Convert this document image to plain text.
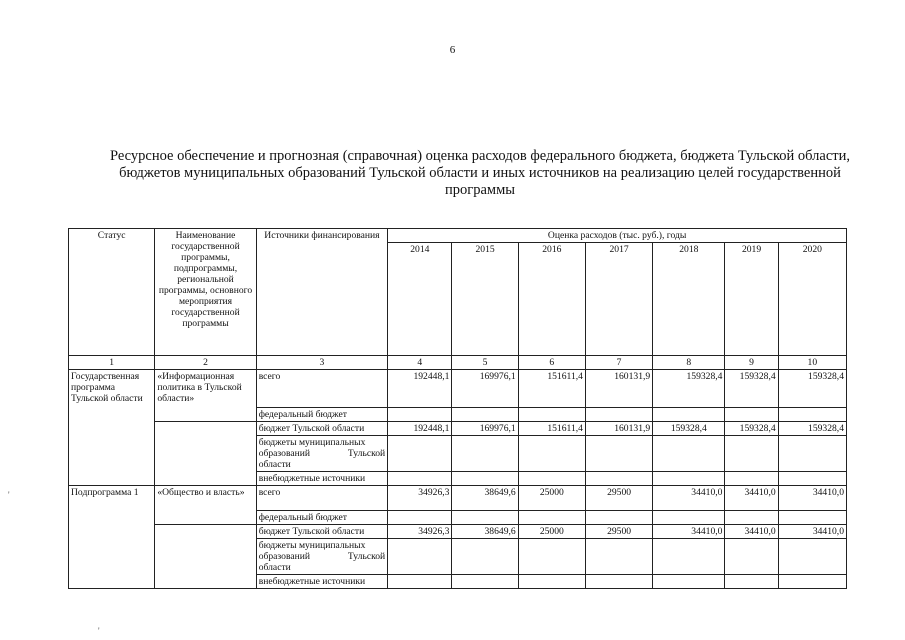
6
Ресурсное обеспечение и прогнозная (справочная) оценка расходов федерального бюджета, бюджета Тульской области, бюджетов муниципальных образований Тульской области и иных источников на реализацию целей государственной программы
'
'
Статус	Наименование государственной программы, подпрограммы, региональной программы, основного мероприятия государственной программы	Источники финансирования	Оценка расходов (тыс. руб.), годы						
			2014	2015	2016	2017	2018	2019	2020
1	2	3	4	5	6	7	8	9	10
Государственная программа Тульской области	«Информационная политика в Тульской области»	всего	192448,1	169976,1	151611,4	160131,9	159328,4	159328,4	159328,4
		федеральный бюджет							
		бюджет Тульской области	192448,1	169976,1	151611,4	160131,9	159328,4	159328,4	159328,4

		бюджеты муниципальных
образований Тульской
области							

		внебюджетные источники							
Подпрограмма 1	«Общество и власть»	всего	34926,3	38649,6	25000	29500	34410,0	34410,0	34410,0
		федеральный бюджет							
		бюджет Тульской области	34926,3	38649,6	25000	29500	34410,0	34410,0	34410,0

		бюджеты муниципальных
образований Тульской
области							

		внебюджетные источники							
